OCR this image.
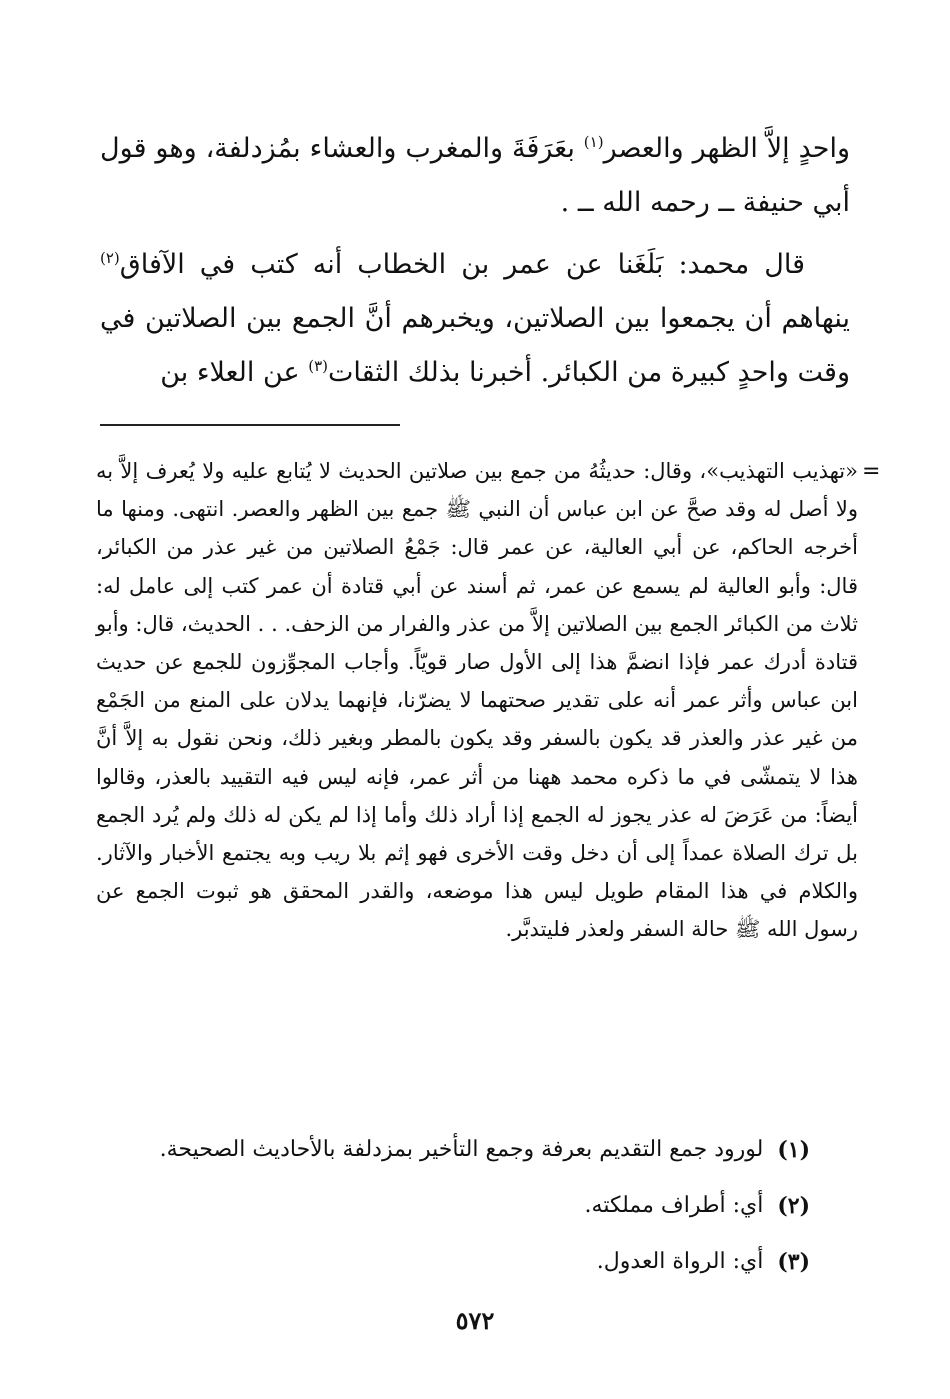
واحدٍ إلاَّ الظهر والعصر$^{(١)}$ بعَرَفَةَ والمغرب والعشاء بمُزدلفة، وهو قول أبي حنيفة ــ رحمه الله ــ .

قال محمد: بَلَغَنا عن عمر بن الخطاب أنه كتب في الآفاق$^{(٢)}$ ينهاهم أن يجمعوا بين الصلاتين، ويخبرهم أنَّ الجمع بين الصلاتين في وقت واحدٍ كبيرة من الكبائر. أخبرنا بذلك الثقات$^{(٣)}$ عن العلاء بن

=

«تهذيب التهذيب»، وقال: حديثُهُ من جمع بين صلاتين الحديث لا يُتابع عليه ولا يُعرف إلاَّ به ولا أصل له وقد صحَّ عن ابن عباس أن النبي ﷺ جمع بين الظهر والعصر. انتهى. ومنها ما أخرجه الحاكم، عن أبي العالية، عن عمر قال: جَمْعُ الصلاتين من غير عذر من الكبائر، قال: وأبو العالية لم يسمع عن عمر، ثم أسند عن أبي قتادة أن عمر كتب إلى عامل له: ثلاث من الكبائر الجمع بين الصلاتين إلاَّ من عذر والفرار من الزحف. . . الحديث، قال: وأبو قتادة أدرك عمر فإذا انضمَّ هذا إلى الأول صار قويّاً. وأجاب المجوِّزون للجمع عن حديث ابن عباس وأثر عمر أنه على تقدير صحتهما لا يضرّنا، فإنهما يدلان على المنع من الجَمْع من غير عذر والعذر قد يكون بالسفر وقد يكون بالمطر وبغير ذلك، ونحن نقول به إلاَّ أنَّ هذا لا يتمشّى في ما ذكره محمد ههنا من أثر عمر، فإنه ليس فيه التقييد بالعذر، وقالوا أيضاً: من عَرَضَ له عذر يجوز له الجمع إذا أراد ذلك وأما إذا لم يكن له ذلك ولم يُرد الجمع بل ترك الصلاة عمداً إلى أن دخل وقت الأخرى فهو إثم بلا ريب وبه يجتمع الأخبار والآثار. والكلام في هذا المقام طويل ليس هذا موضعه، والقدر المحقق هو ثبوت الجمع عن رسول الله ﷺ حالة السفر ولعذر فليتدبَّر.

(١)
لورود جمع التقديم بعرفة وجمع التأخير بمزدلفة بالأحاديث الصحيحة.
(٢)
أي: أطراف مملكته.
(٣)
أي: الرواة العدول.
٥٧٢
